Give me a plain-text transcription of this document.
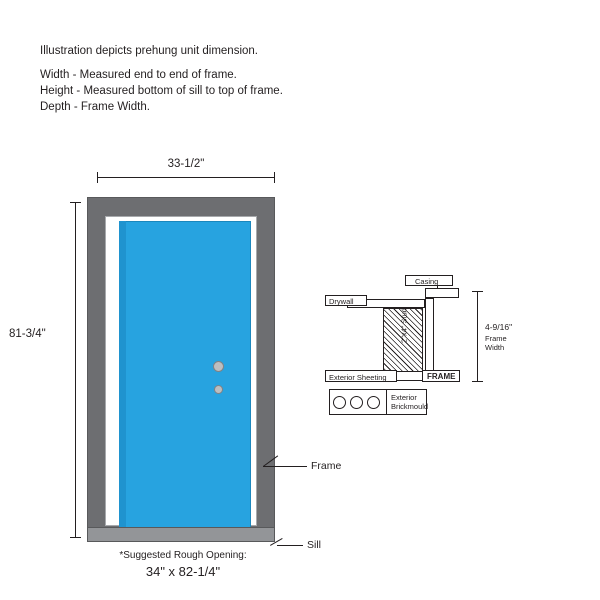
Illustration depicts prehung unit dimension.
Width - Measured end to end of frame.
Height - Measured bottom of sill to top of frame.
Depth - Frame Width.
33-1/2"
81-3/4"
Frame
Sill
*Suggested Rough Opening:
34" x 82-1/4"
2"x4" Stud
Casing
Drywall
Exterior Sheeting	FRAME
Exterior
Brickmould
4-9/16"
Frame
Width
